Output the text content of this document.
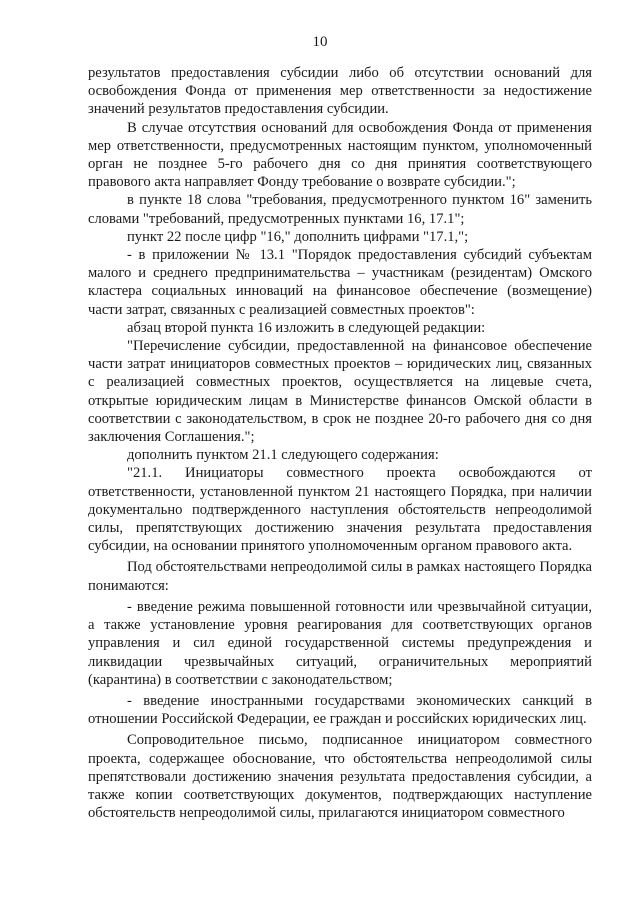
10

результатов предоставления субсидии либо об отсутствии оснований для освобождения Фонда от применения мер ответственности за недостижение значений результатов предоставления субсидии.

В случае отсутствия оснований для освобождения Фонда от применения мер ответственности, предусмотренных настоящим пунктом, уполномоченный орган не позднее 5-го рабочего дня со дня принятия соответствующего правового акта направляет Фонду требование о возврате субсидии.";

в пункте 18 слова "требования, предусмотренного пунктом 16" заменить словами "требований, предусмотренных пунктами 16, 17.1";

пункт 22 после цифр "16," дополнить цифрами "17.1,";

- в приложении № 13.1 "Порядок предоставления субсидий субъектам малого и среднего предпринимательства – участникам (резидентам) Омского кластера социальных инноваций на финансовое обеспечение (возмещение) части затрат, связанных с реализацией совместных проектов":

абзац второй пункта 16 изложить в следующей редакции:

"Перечисление субсидии, предоставленной на финансовое обеспечение части затрат инициаторов совместных проектов – юридических лиц, связанных с реализацией совместных проектов, осуществляется на лицевые счета, открытые юридическим лицам в Министерстве финансов Омской области в соответствии с законодательством, в срок не позднее 20-го рабочего дня со дня заключения Соглашения.";

дополнить пунктом 21.1 следующего содержания:

"21.1. Инициаторы совместного проекта освобождаются от ответственности, установленной пунктом 21 настоящего Порядка, при наличии документально подтвержденного наступления обстоятельств непреодолимой силы, препятствующих достижению значения результата предоставления субсидии, на основании принятого уполномоченным органом правового акта.

Под обстоятельствами непреодолимой силы в рамках настоящего Порядка понимаются:

- введение режима повышенной готовности или чрезвычайной ситуации, а также установление уровня реагирования для соответствующих органов управления и сил единой государственной системы предупреждения и ликвидации чрезвычайных ситуаций, ограничительных мероприятий (карантина) в соответствии с законодательством;

- введение иностранными государствами экономических санкций в отношении Российской Федерации, ее граждан и российских юридических лиц.

Сопроводительное письмо, подписанное инициатором совместного проекта, содержащее обоснование, что обстоятельства непреодолимой силы препятствовали достижению значения результата предоставления субсидии, а также копии соответствующих документов, подтверждающих наступление обстоятельств непреодолимой силы, прилагаются инициатором совместного
